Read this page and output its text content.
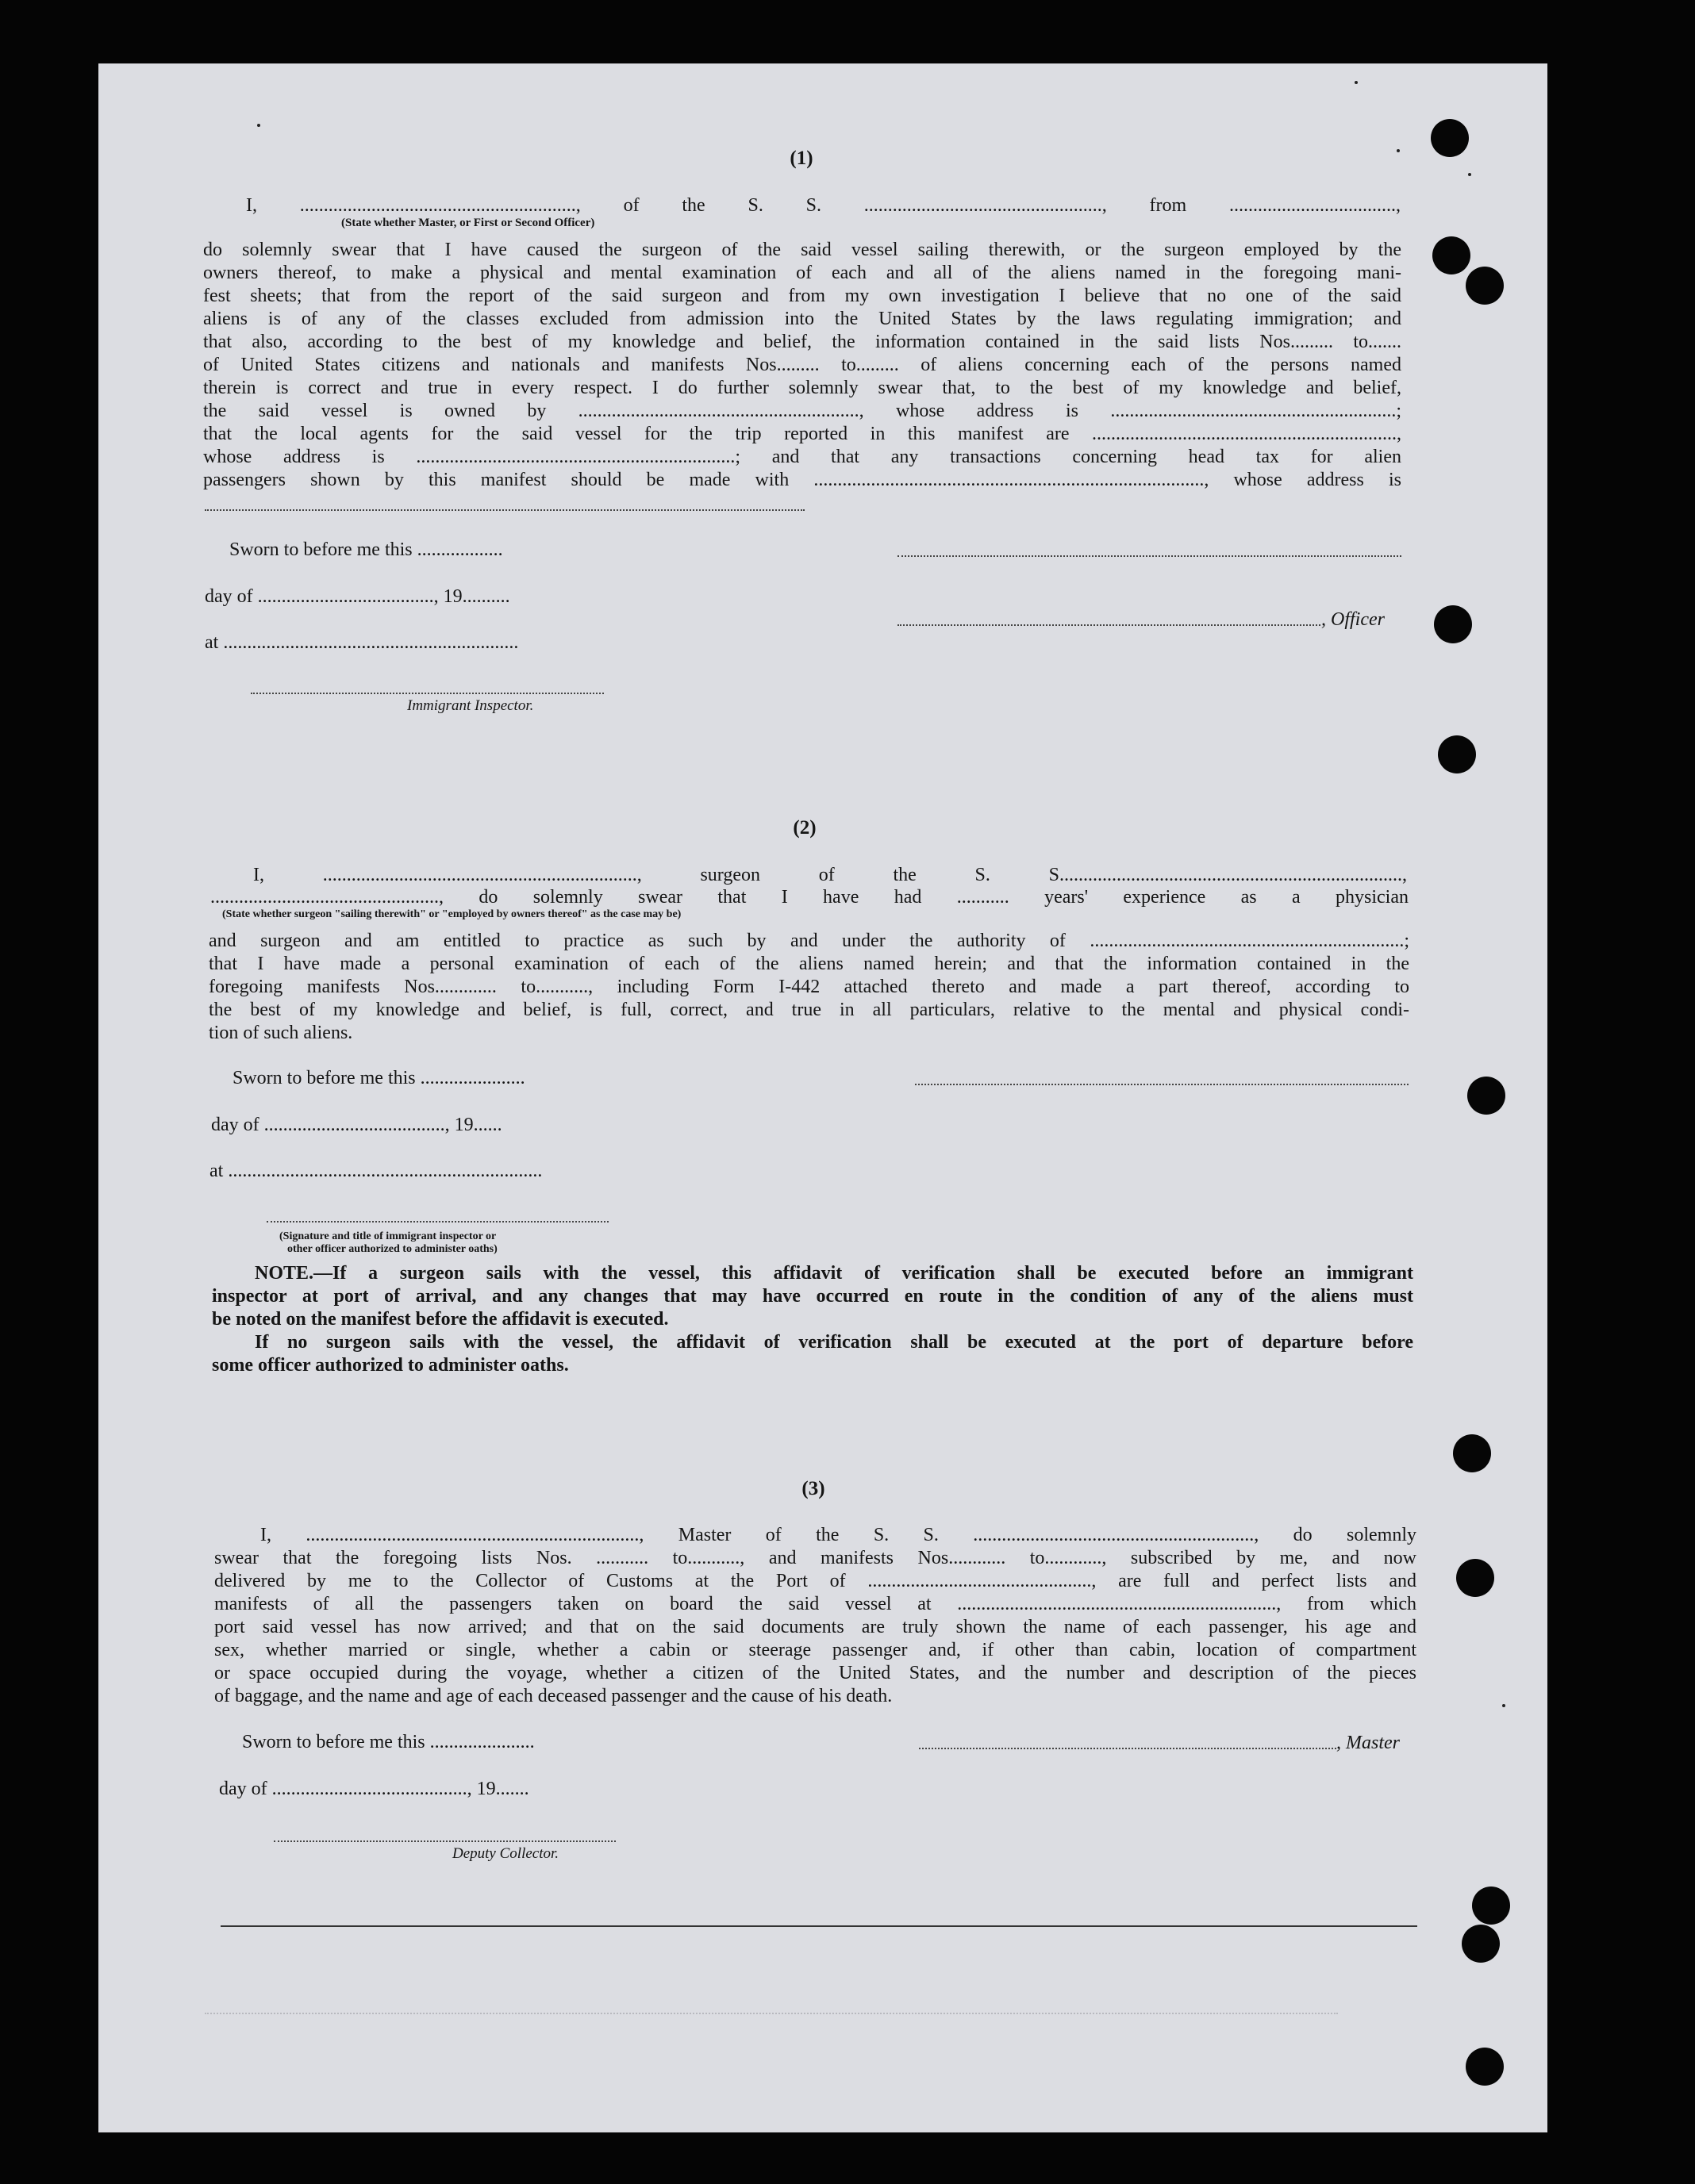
(1)
I, .........................................................., of the S. S. .................................................., from ...................................,
(State whether Master, or First or Second Officer)
do solemnly swear that I have caused the surgeon of the said vessel sailing therewith, or the surgeon employed by the
owners thereof, to make a physical and mental examination of each and all of the aliens named in the foregoing mani-
fest sheets; that from the report of the said surgeon and from my own investigation I believe that no one of the said
aliens is of any of the classes excluded from admission into the United States by the laws regulating immigration; and
that also, according to the best of my knowledge and belief, the information contained in the said lists Nos......... to.......
of United States citizens and nationals and manifests Nos......... to......... of aliens concerning each of the persons named
therein is correct and true in every respect. I do further solemnly swear that, to the best of my knowledge and belief,
the said vessel is owned by ..........................................................., whose address is ............................................................;
that the local agents for the said vessel for the trip reported in this manifest are ................................................................,
whose address is ...................................................................; and that any transactions concerning head tax for alien
passengers shown by this manifest should be made with .................................................................................., whose address is
Sworn to before me this ..................
day of ....................................., 19..........
, Officer
at ..............................................................
Immigrant Inspector.
(2)
I, .................................................................., surgeon of the S. S........................................................................,
................................................, do solemnly swear that I have had ........... years' experience as a physician
(State whether surgeon "sailing therewith" or "employed by owners thereof" as the case may be)
and surgeon and am entitled to practice as such by and under the authority of ..................................................................;
that I have made a personal examination of each of the aliens named herein; and that the information contained in the
foregoing manifests Nos............. to..........., including Form I-442 attached thereto and made a part thereof, according to
the best of my knowledge and belief, is full, correct, and true in all particulars, relative to the mental and physical condi-
tion of such aliens.
Sworn to before me this ......................
day of ......................................, 19......
at ..................................................................
(Signature and title of immigrant inspector or
other officer authorized to administer oaths)
NOTE.—If a surgeon sails with the vessel, this affidavit of verification shall be executed before an immigrant
inspector at port of arrival, and any changes that may have occurred en route in the condition of any of the aliens must
be noted on the manifest before the affidavit is executed.
If no surgeon sails with the vessel, the affidavit of verification shall be executed at the port of departure before
some officer authorized to administer oaths.
(3)
I, ......................................................................, Master of the S. S. ..........................................................., do solemnly
swear that the foregoing lists Nos. ........... to..........., and manifests Nos............ to............, subscribed by me, and now
delivered by me to the Collector of Customs at the Port of ..............................................., are full and perfect lists and
manifests of all the passengers taken on board the said vessel at ..................................................................., from which
port said vessel has now arrived; and that on the said documents are truly shown the name of each passenger, his age and
sex, whether married or single, whether a cabin or steerage passenger and, if other than cabin, location of compartment
or space occupied during the voyage, whether a citizen of the United States, and the number and description of the pieces
of baggage, and the name and age of each deceased passenger and the cause of his death.
Sworn to before me this ......................	, Master
day of ........................................., 19.......
Deputy Collector.
